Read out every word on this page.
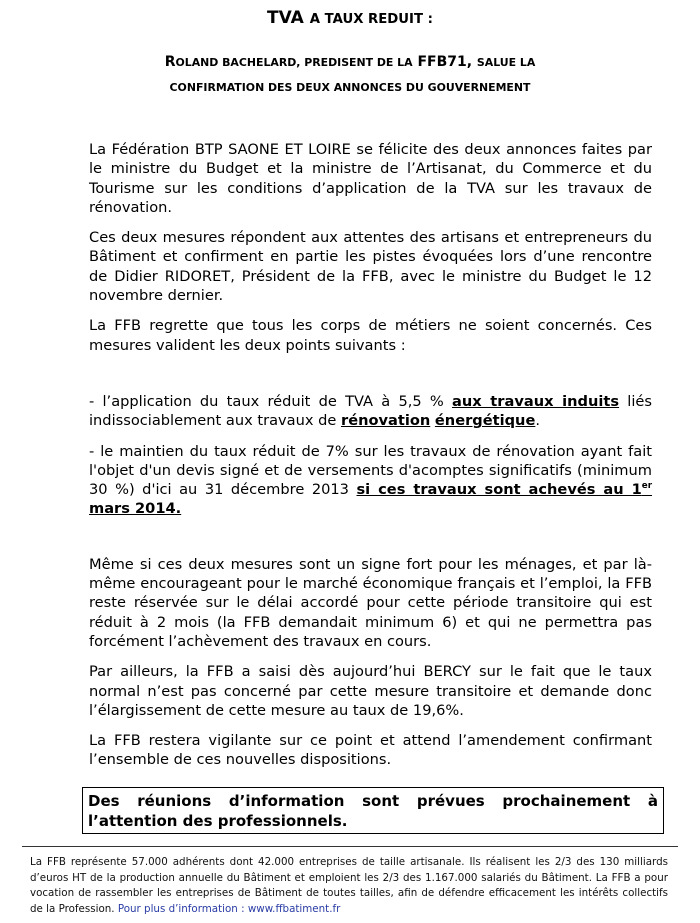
TVA A TAUX REDUIT :
ROLAND BACHELARD, PREDISENT DE LA FFB71, SALUE LA
CONFIRMATION DES DEUX ANNONCES DU GOUVERNEMENT

La Fédération BTP SAONE ET LOIRE se félicite des deux annonces faites par le ministre du Budget et la ministre de l’Artisanat, du Commerce et du Tourisme sur les conditions d’application de la TVA sur les travaux de rénovation.

Ces deux mesures répondent aux attentes des artisans et entrepreneurs du Bâtiment et confirment en partie les pistes évoquées lors d’une rencontre de Didier RIDORET, Président de la FFB, avec le ministre du Budget le 12 novembre dernier.

La FFB regrette que tous les corps de métiers ne soient concernés. Ces mesures valident les deux points suivants :

- l’application du taux réduit de TVA à 5,5 % aux travaux induits liés indissociablement aux travaux de rénovation énergétique.

- le maintien du taux réduit de 7% sur les travaux de rénovation ayant fait l'objet d'un devis signé et de versements d'acomptes significatifs (minimum 30 %) d'ici au 31 décembre 2013 si ces travaux sont achevés au 1er mars 2014.

Même si ces deux mesures sont un signe fort pour les ménages, et par là-même encourageant pour le marché économique français et l’emploi, la FFB reste réservée sur le délai accordé pour cette période transitoire qui est réduit à 2 mois (la FFB demandait minimum 6) et qui ne permettra pas forcément l’achèvement des travaux en cours.

Par ailleurs, la FFB a saisi dès aujourd’hui BERCY sur le fait que le taux normal n’est pas concerné par cette mesure transitoire et demande donc l’élargissement de cette mesure au taux de 19,6%.

La FFB restera vigilante sur ce point et attend l’amendement confirmant l’ensemble de ces nouvelles dispositions.

Des réunions d’information sont prévues prochainement à l’attention des professionnels.
La FFB représente 57.000 adhérents dont 42.000 entreprises de taille artisanale. Ils réalisent les 2/3 des 130 milliards d’euros HT de la production annuelle du Bâtiment et emploient les 2/3 des 1.167.000 salariés du Bâtiment. La FFB a pour vocation de rassembler les entreprises de Bâtiment de toutes tailles, afin de défendre efficacement les intérêts collectifs de la Profession. Pour plus d’information : www.ffbatiment.fr
